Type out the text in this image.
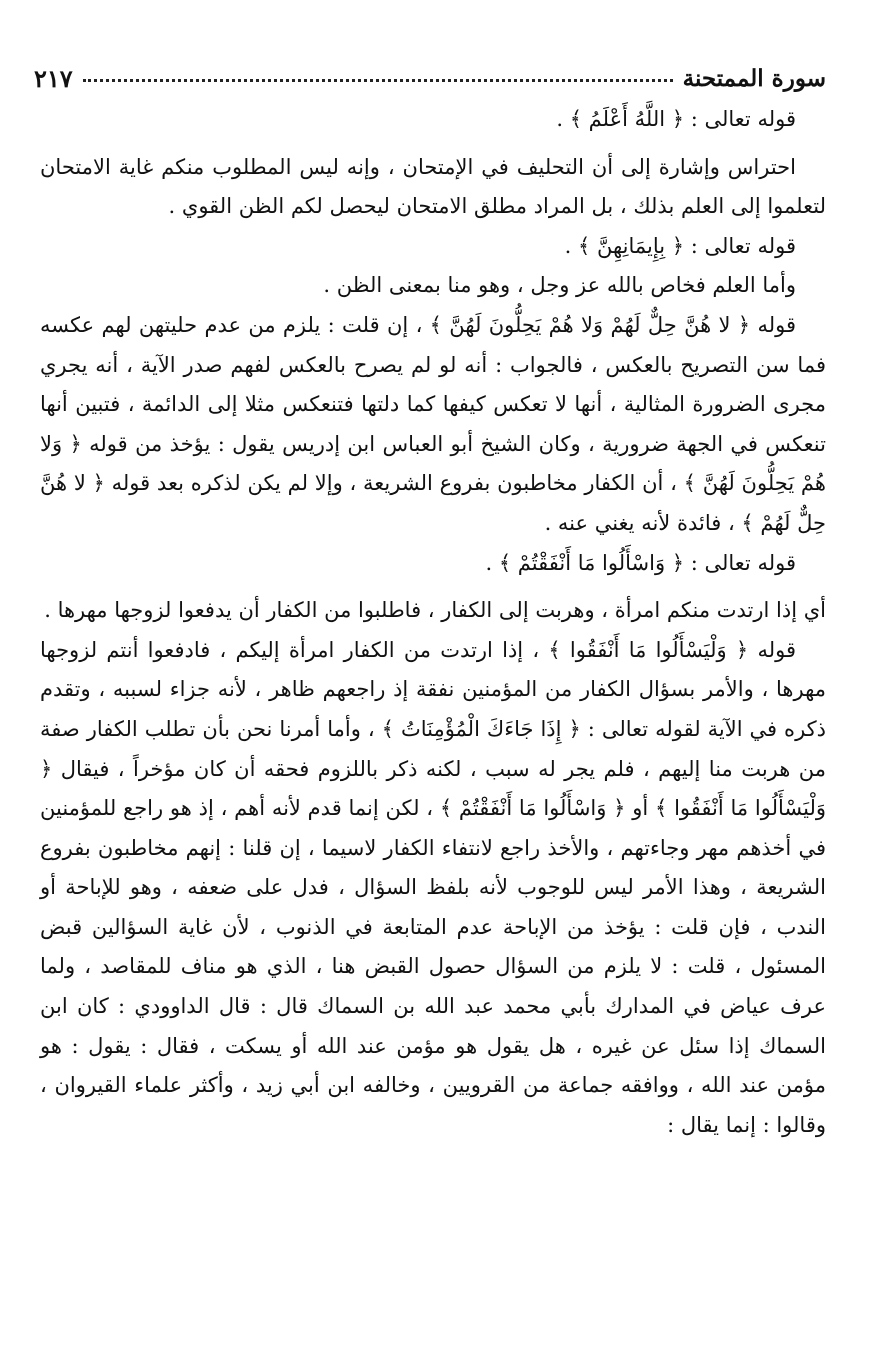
سورة الممتحنة
٢١٧

قوله تعالى : ﴿ اللَّهُ أَعْلَمُ ﴾ .

احتراس وإشارة إلى أن التحليف في الإمتحان ، وإنه ليس المطلوب منكم غاية الامتحان لتعلموا إلى العلم بذلك ، بل المراد مطلق الامتحان ليحصل لكم الظن القوي .

قوله تعالى : ﴿ بِإِيمَانِهِنَّ ﴾ .

وأما العلم فخاص بالله عز وجل ، وهو منا بمعنى الظن .

قوله ﴿ لا هُنَّ حِلٌّ لَهُمْ وَلا هُمْ يَحِلُّونَ لَهُنَّ ﴾ ، إن قلت : يلزم من عدم حليتهن لهم عكسه فما سن التصريح بالعكس ، فالجواب : أنه لو لم يصرح بالعكس لفهم صدر الآية ، أنه يجري مجرى الضرورة المثالية ، أنها لا تعكس كيفها كما دلتها فتنعكس مثلا إلى الدائمة ، فتبين أنها تنعكس في الجهة ضرورية ، وكان الشيخ أبو العباس ابن إدريس يقول : يؤخذ من قوله ﴿ وَلا هُمْ يَحِلُّونَ لَهُنَّ ﴾ ، أن الكفار مخاطبون بفروع الشريعة ، وإلا لم يكن لذكره بعد قوله ﴿ لا هُنَّ حِلٌّ لَهُمْ ﴾ ، فائدة لأنه يغني عنه .

قوله تعالى : ﴿ وَاسْأَلُوا مَا أَنْفَقْتُمْ ﴾ .

أي إذا ارتدت منكم امرأة ، وهربت إلى الكفار ، فاطلبوا من الكفار أن يدفعوا لزوجها مهرها .

قوله ﴿ وَلْيَسْأَلُوا مَا أَنْفَقُوا ﴾ ، إذا ارتدت من الكفار امرأة إليكم ، فادفعوا أنتم لزوجها مهرها ، والأمر بسؤال الكفار من المؤمنين نفقة إذ راجعهم ظاهر ، لأنه جزاء لسببه ، وتقدم ذكره في الآية لقوله تعالى : ﴿ إِذَا جَاءَكَ الْمُؤْمِنَاتُ ﴾ ، وأما أمرنا نحن بأن تطلب الكفار صفة من هربت منا إليهم ، فلم يجر له سبب ، لكنه ذكر باللزوم فحقه أن كان مؤخراً ، فيقال ﴿ وَلْيَسْأَلُوا مَا أَنْفَقُوا ﴾ أو ﴿ وَاسْأَلُوا مَا أَنْفَقْتُمْ ﴾ ، لكن إنما قدم لأنه أهم ، إذ هو راجع للمؤمنين في أخذهم مهر وجاءتهم ، والأخذ راجع لانتفاء الكفار لاسيما ، إن قلنا : إنهم مخاطبون بفروع الشريعة ، وهذا الأمر ليس للوجوب لأنه بلفظ السؤال ، فدل على ضعفه ، وهو للإباحة أو الندب ، فإن قلت : يؤخذ من الإباحة عدم المتابعة في الذنوب ، لأن غاية السؤالين قبض المسئول ، قلت : لا يلزم من السؤال حصول القبض هنا ، الذي هو مناف للمقاصد ، ولما عرف عياض في المدارك بأبي محمد عبد الله بن السماك قال : قال الداوودي : كان ابن السماك إذا سئل عن غيره ، هل يقول هو مؤمن عند الله أو يسكت ، فقال : يقول : هو مؤمن عند الله ، ووافقه جماعة من القرويين ، وخالفه ابن أبي زيد ، وأكثر علماء القيروان ، وقالوا : إنما يقال :
